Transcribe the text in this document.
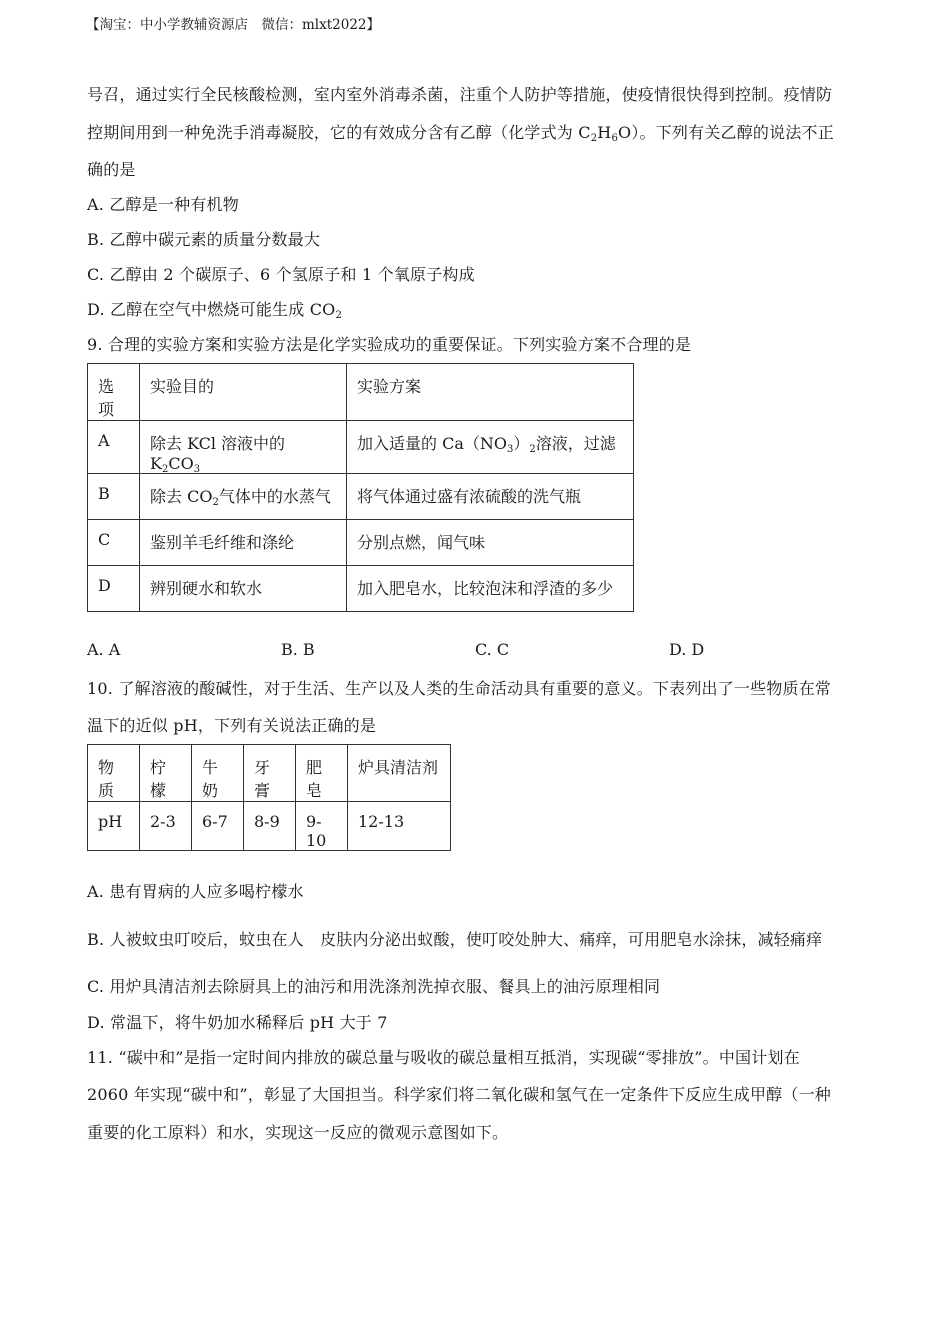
【淘宝：中小学教辅资源店　微信：mlxt2022】
号召，通过实行全民核酸检测，室内室外消毒杀菌，注重个人防护等措施，使疫情很快得到控制。疫情防
控期间用到一种免洗手消毒凝胶，它的有效成分含有乙醇（化学式为 $C_2H_6O$）。下列有关乙醇的说法不正
确的是
A. 乙醇是一种有机物
B. 乙醇中碳元素的质量分数最大
C. 乙醇由 2 个碳原子、6 个氢原子和 1 个氧原子构成
D. 乙醇在空气中燃烧可能生成 $CO_2$
9. 合理的实验方案和实验方法是化学实验成功的重要保证。下列实验方案不合理的是
选项	实验目的	实验方案
A	除去 KCl 溶液中的 $K_2CO_3$	加入适量的 $Ca(NO_3)_2$溶液，过滤
B	除去 $CO_2$气体中的水蒸气	将气体通过盛有浓硫酸的洗气瓶
C	鉴别羊毛纤维和涤纶	分别点燃，闻气味
D	辨别硬水和软水	加入肥皂水，比较泡沫和浮渣的多少
A. A	B. B	C. C	D. D
10. 了解溶液的酸碱性，对于生活、生产以及人类的生命活动具有重要的意义。下表列出了一些物质在常
温下的近似 pH，下列有关说法正确的是
物质	柠檬	牛奶	牙膏	肥皂	炉具清洁剂
pH	2-3	6-7	8-9	9-10	12-13
A. 患有胃病的人应多喝柠檬水
B. 人被蚊虫叮咬后，蚊虫在人　皮肤内分泌出蚁酸，使叮咬处肿大、痛痒，可用肥皂水涂抹，减轻痛痒
C. 用炉具清洁剂去除厨具上的油污和用洗涤剂洗掉衣服、餐具上的油污原理相同
D. 常温下，将牛奶加水稀释后 pH 大于 7
11. “碳中和”是指一定时间内排放的碳总量与吸收的碳总量相互抵消，实现碳“零排放”。中国计划在
2060 年实现“碳中和”，彰显了大国担当。科学家们将二氧化碳和氢气在一定条件下反应生成甲醇（一种
重要的化工原料）和水，实现这一反应的微观示意图如下。
